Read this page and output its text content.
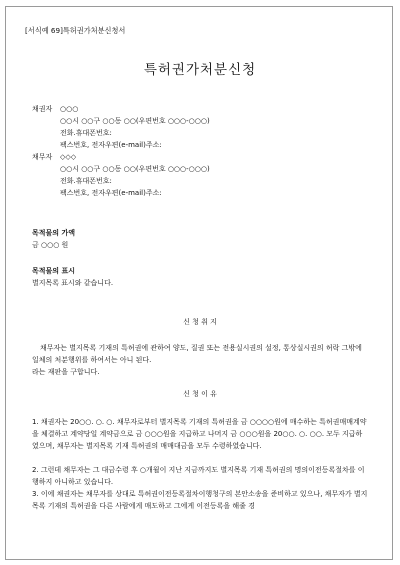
[서식예 69]특허권가처분신청서
특허권가처분신청
채권자 ○○○
○○시 ○○구 ○○동 ○○(우편번호 ○○○-○○○)
전화.휴대폰번호:
팩스번호, 전자우편(e-mail)주소:
채무자 ◇◇◇
○○시 ○○구 ○○동 ○○(우편번호 ○○○-○○○)
전화.휴대폰번호:
팩스번호, 전자우편(e-mail)주소:
목적물의 가액
금 ○○○ 원
목적물의 표시
별지목록 표시와 같습니다.
신 청 취 지
채무자는 별지목록 기재의 특허권에 관하여 양도, 질권 또는 전용실시권의 설정, 통상실시권의 허락 그밖에 일체의 처분행위를 하여서는 아니 된다.
라는 재판을 구합니다.
신 청 이 유
1. 채권자는 20○○. ○. ○. 채무자로부터 별지목록 기재의 특허권을 금 ○○○○원에 매수하는 특허권매매계약을 체결하고 계약당일 계약금으로 금 ○○○원을 지급하고 나머지 금 ○○○원을 20○○. ○. ○○. 모두 지급하였으며, 채무자는 별지목록 기재 특허권의 매매대금을 모두 수령하였습니다.
2. 그런데 채무자는 그 대금수령 후 ○개월이 지난 지금까지도 별지목록 기재 특허권의 명의이전등록절차를 이행하지 아니하고 있습니다.
3. 이에 채권자는 채무자를 상대로 특허권이전등록절차이행청구의 본안소송을 준비하고 있으나, 채무자가 별지목록 기재의 특허권을 다른 사람에게 매도하고 그에게 이전등록을 해줄 경
